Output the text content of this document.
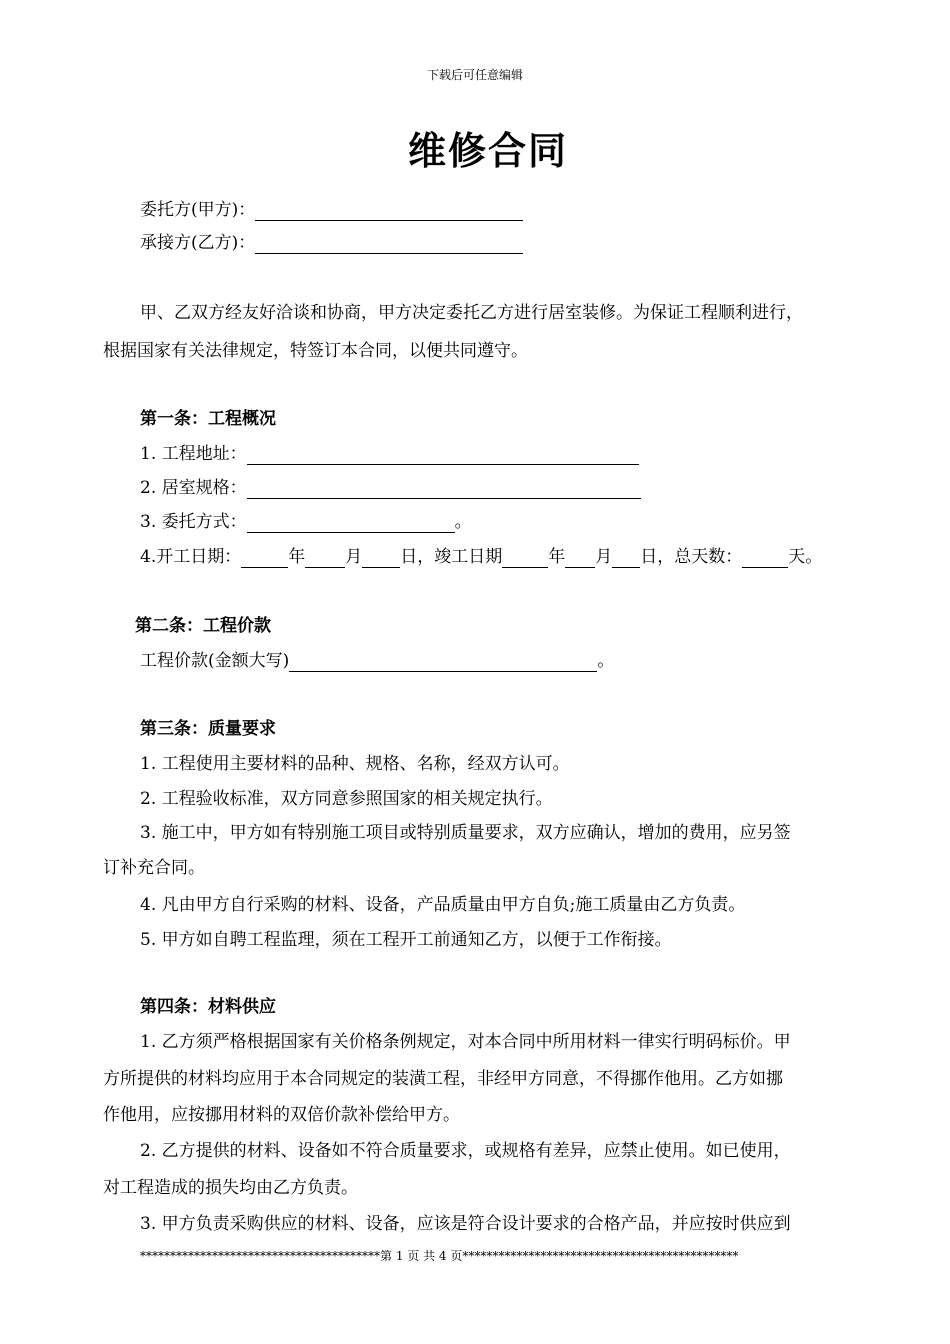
下载后可任意编辑
维修合同
委托方(甲方)：
承接方(乙方)：
甲、乙双方经友好洽谈和协商，甲方决定委托乙方进行居室装修。为保证工程顺利进行，
根据国家有关法律规定，特签订本合同，以便共同遵守。
第一条：工程概况
1. 工程地址：
2. 居室规格：
3. 委托方式：	。
4.开工日期：	年 月 日，竣工日期	年 月 日，总天数：	天。
第二条：工程价款
工程价款(金额大写)	。
第三条：质量要求
1. 工程使用主要材料的品种、规格、名称，经双方认可。
2. 工程验收标准，双方同意参照国家的相关规定执行。
3. 施工中，甲方如有特别施工项目或特别质量要求，双方应确认，增加的费用，应另签
订补充合同。
4. 凡由甲方自行采购的材料、设备，产品质量由甲方自负;施工质量由乙方负责。
5. 甲方如自聘工程监理，须在工程开工前通知乙方，以便于工作衔接。
第四条：材料供应
1. 乙方须严格根据国家有关价格条例规定，对本合同中所用材料一律实行明码标价。甲
方所提供的材料均应用于本合同规定的装潢工程，非经甲方同意，不得挪作他用。乙方如挪
作他用，应按挪用材料的双倍价款补偿给甲方。
2. 乙方提供的材料、设备如不符合质量要求，或规格有差异，应禁止使用。如已使用，
对工程造成的损失均由乙方负责。
3. 甲方负责采购供应的材料、设备，应该是符合设计要求的合格产品，并应按时供应到
****************************************第 1 页 共 4 页**********************************************
